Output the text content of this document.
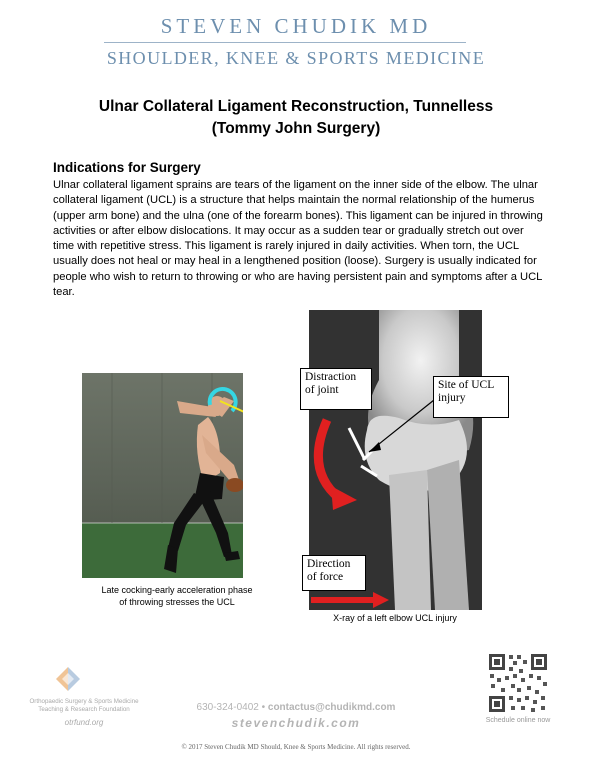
STEVEN CHUDIK MD
SHOULDER, KNEE & SPORTS MEDICINE
Ulnar Collateral Ligament Reconstruction, Tunnelless
(Tommy John Surgery)
Indications for Surgery
Ulnar collateral ligament sprains are tears of the ligament on the inner side of the elbow. The ulnar collateral ligament (UCL) is a structure that helps maintain the normal relationship of the humerus (upper arm bone) and the ulna (one of the forearm bones). This ligament can be injured in throwing activities or after elbow dislocations. It may occur as a sudden tear or gradually stretch out over time with repetitive stress. This ligament is rarely injured in daily activities. When torn, the UCL usually does not heal or may heal in a lengthened position (loose). Surgery is usually indicated for people who wish to return to throwing or who are having persistent pain and symptoms after a UCL tear.
Late cocking-early acceleration phase
of throwing stresses the UCL
Distraction of joint	Site of UCL injury
Direction of force
X-ray of a left elbow UCL injury
Orthopaedic Surgery & Sports Medicine
Teaching & Research Foundation
otrfund.org
630-324-0402 • contactus@chudikmd.com
stevenchudik.com	Schedule online now
© 2017 Steven Chudik MD Should, Knee & Sports Medicine. All rights reserved.
